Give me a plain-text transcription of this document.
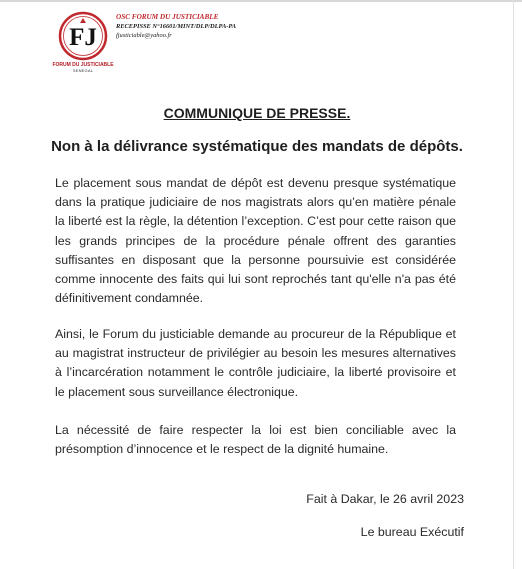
FJ
FORUM DU JUSTICIABLE
SENEGAL
OSC FORUM DU JUSTICIABLE
RECEPISSE N°16601/MINT/DLP/DLPA-PA
fjusticiable@yahoo.fr
COMMUNIQUE DE PRESSE.
Non à la délivrance systématique des mandats de dépôts.
Le placement sous mandat de dépôt est devenu presque systématique dans la pratique judiciaire de nos magistrats alors qu’en matière pénale la liberté est la règle, la détention l’exception. C’est pour cette raison que les grands principes de la procédure pénale offrent des garanties suffisantes en disposant que la personne poursuivie est considérée comme innocente des faits qui lui sont reprochés tant qu'elle n'a pas été définitivement condamnée.
Ainsi, le Forum du justiciable demande au procureur de la République et au magistrat instructeur de privilégier au besoin les mesures alternatives à l’incarcération notamment le contrôle judiciaire, la liberté provisoire et le placement sous surveillance électronique.
La nécessité de faire respecter la loi est bien conciliable avec la présomption d’innocence et le respect de la dignité humaine.
Fait à Dakar, le 26 avril 2023
Le bureau Exécutif
